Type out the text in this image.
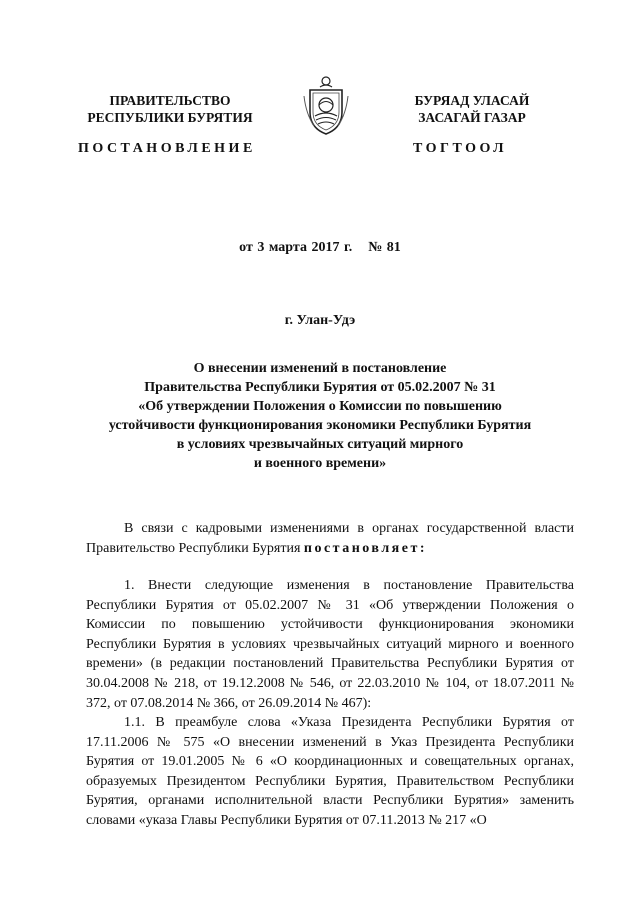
ПРАВИТЕЛЬСТВО
РЕСПУБЛИКИ БУРЯТИЯ
БУРЯАД УЛАСАЙ
ЗАСАГАЙ ГАЗАР
ПОСТАНОВЛЕНИЕ	ТОГТООЛ
от 3 марта 2017 г. № 81
г. Улан-Удэ
О внесении изменений в постановление
Правительства Республики Бурятия от 05.02.2007 № 31
«Об утверждении Положения о Комиссии по повышению
устойчивости функционирования экономики Республики Бурятия
в условиях чрезвычайных ситуаций мирного
и военного времени»
В связи с кадровыми изменениями в органах государственной власти Правительство Республики Бурятия постановляет:
1. Внести следующие изменения в постановление Правительства Республики Бурятия от 05.02.2007 № 31 «Об утверждении Положения о Комиссии по повышению устойчивости функционирования экономики Республики Бурятия в условиях чрезвычайных ситуаций мирного и военного времени» (в редакции постановлений Правительства Республики Бурятия от 30.04.2008 № 218, от 19.12.2008 № 546, от 22.03.2010 № 104, от 18.07.2011 № 372, от 07.08.2014 № 366, от 26.09.2014 № 467):
1.1. В преамбуле слова «Указа Президента Республики Бурятия от 17.11.2006 № 575 «О внесении изменений в Указ Президента Республики Бурятия от 19.01.2005 № 6 «О координационных и совещательных органах, образуемых Президентом Республики Бурятия, Правительством Республики Бурятия, органами исполнительной власти Республики Бурятия» заменить словами «указа Главы Республики Бурятия от 07.11.2013 № 217 «О
